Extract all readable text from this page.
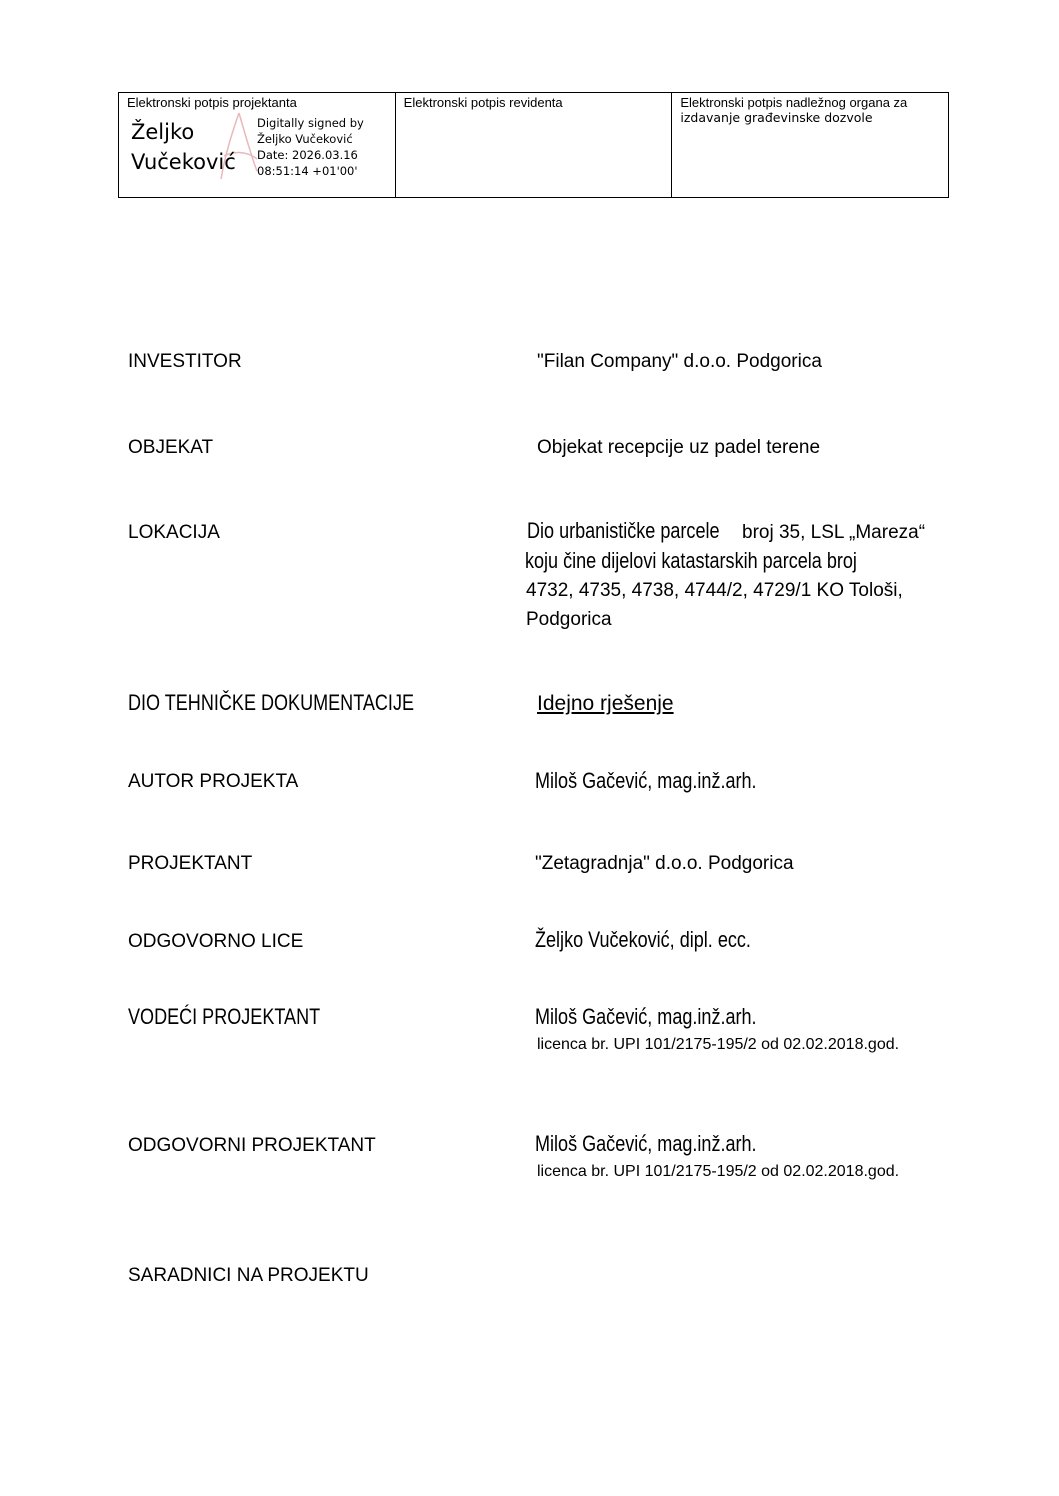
Elektronski potpis projektanta
Željko
Vučeković
Digitally signed by
Željko Vučeković
Date: 2026.03.16
08:51:14 +01'00'
Elektronski potpis revidenta	Elektronski potpis nadležnog organa za
izdavanje građevinske dozvole
INVESTITOR	"Filan Company" d.o.o. Podgorica
OBJEKAT	Objekat recepcije uz padel terene
LOKACIJA	Dio urbanističke parcele broj 35, LSL „Mareza“
koju čine dijelovi katastarskih parcela broj
4732, 4735, 4738, 4744/2, 4729/1 KO Tološi,
Podgorica
DIO TEHNIČKE DOKUMENTACIJE	Idejno rješenje
AUTOR PROJEKTA	Miloš Gačević, mag.inž.arh.
PROJEKTANT	"Zetagradnja" d.o.o. Podgorica
ODGOVORNO LICE	Željko Vučeković, dipl. ecc.
VODEĆI PROJEKTANT	Miloš Gačević, mag.inž.arh.
licenca br. UPI 101/2175-195/2 od 02.02.2018.god.
ODGOVORNI PROJEKTANT	Miloš Gačević, mag.inž.arh.
licenca br. UPI 101/2175-195/2 od 02.02.2018.god.
SARADNICI NA PROJEKTU
